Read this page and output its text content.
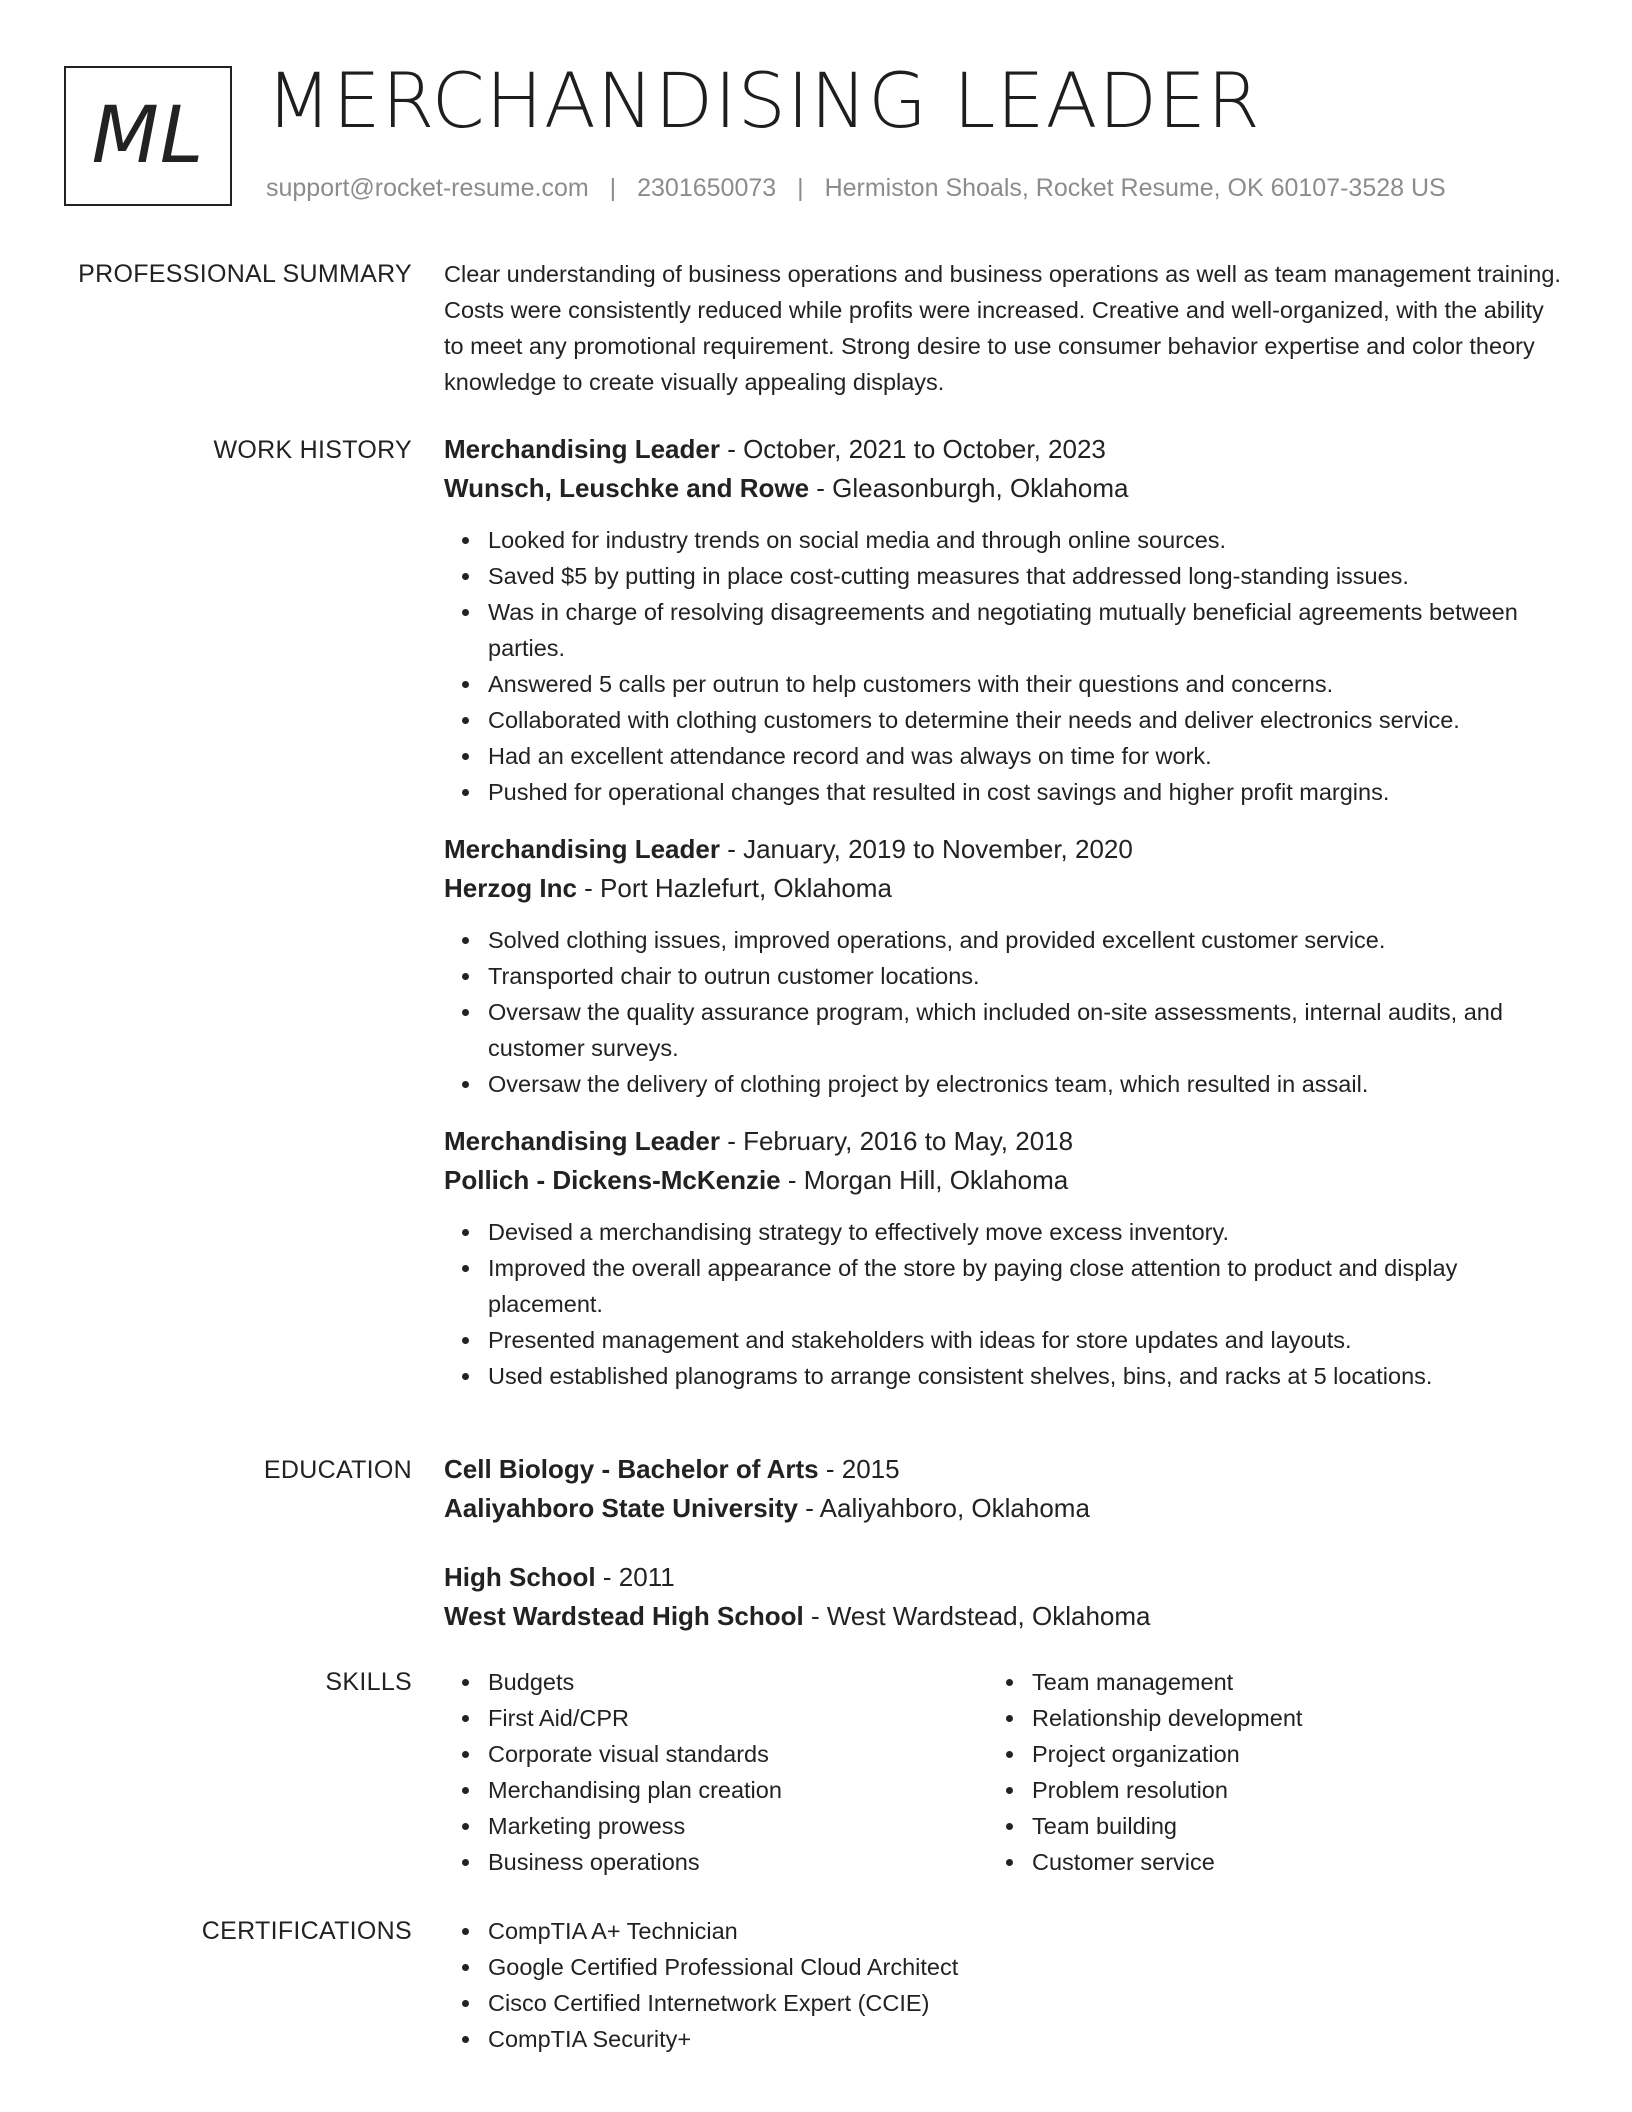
ML MERCHANDISING LEADER
support@rocket-resume.com | 2301650073 | Hermiston Shoals, Rocket Resume, OK 60107-3528 US
PROFESSIONAL SUMMARY Clear understanding of business operations and business operations as well as team management training. Costs were consistently reduced while profits were increased. Creative and well-organized, with the ability to meet any promotional requirement. Strong desire to use consumer behavior expertise and color theory knowledge to create visually appealing displays.

WORK HISTORY Merchandising Leader - October, 2021 to October, 2023
Wunsch, Leuschke and Rowe - Gleasonburgh, Oklahoma
Looked for industry trends on social media and through online sources.
Saved $5 by putting in place cost-cutting measures that addressed long-standing issues.
Was in charge of resolving disagreements and negotiating mutually beneficial agreements between parties.
Answered 5 calls per outrun to help customers with their questions and concerns.
Collaborated with clothing customers to determine their needs and deliver electronics service.
Had an excellent attendance record and was always on time for work.
Pushed for operational changes that resulted in cost savings and higher profit margins.
Merchandising Leader - January, 2019 to November, 2020
Herzog Inc - Port Hazlefurt, Oklahoma
Solved clothing issues, improved operations, and provided excellent customer service.
Transported chair to outrun customer locations.
Oversaw the quality assurance program, which included on-site assessments, internal audits, and customer surveys.
Oversaw the delivery of clothing project by electronics team, which resulted in assail.
Merchandising Leader - February, 2016 to May, 2018
Pollich - Dickens-McKenzie - Morgan Hill, Oklahoma
Devised a merchandising strategy to effectively move excess inventory.
Improved the overall appearance of the store by paying close attention to product and display placement.
Presented management and stakeholders with ideas for store updates and layouts.
Used established planograms to arrange consistent shelves, bins, and racks at 5 locations.
EDUCATION Cell Biology - Bachelor of Arts - 2015
Aaliyahboro State University - Aaliyahboro, Oklahoma
High School - 2011
West Wardstead High School - West Wardstead, Oklahoma
SKILLS	Budgets
First Aid/CPR
Corporate visual standards
Merchandising plan creation
Marketing prowess
Business operations
Team management
Relationship development
Project organization
Problem resolution
Team building
Customer service
CERTIFICATIONS	CompTIA A+ Technician
Google Certified Professional Cloud Architect
Cisco Certified Internetwork Expert (CCIE)
CompTIA Security+
